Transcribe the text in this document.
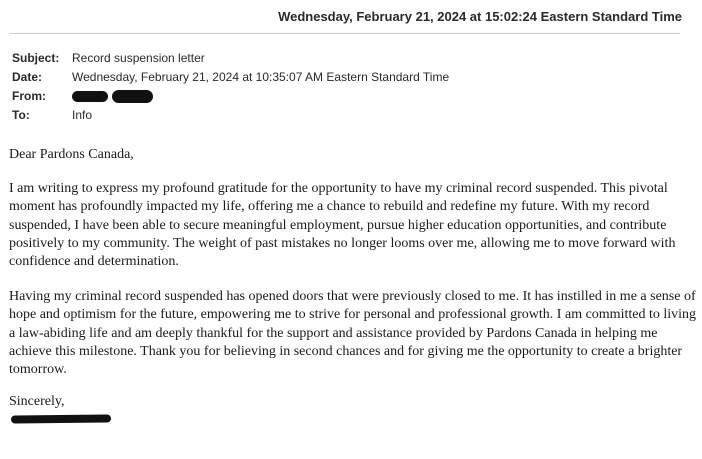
Wednesday, February 21, 2024 at 15:02:24 Eastern Standard Time
Subject:	Record suspension letter
Date:	Wednesday, February 21, 2024 at 10:35:07 AM Eastern Standard Time
From:
To:	Info

Dear Pardons Canada,

I am writing to express my profound gratitude for the opportunity to have my criminal record suspended. This pivotal moment has profoundly impacted my life, offering me a chance to rebuild and redefine my future. With my record suspended, I have been able to secure meaningful employment, pursue higher education opportunities, and contribute positively to my community. The weight of past mistakes no longer looms over me, allowing me to move forward with confidence and determination.

Having my criminal record suspended has opened doors that were previously closed to me. It has instilled in me a sense of hope and optimism for the future, empowering me to strive for personal and professional growth. I am committed to living a law-abiding life and am deeply thankful for the support and assistance provided by Pardons Canada in helping me achieve this milestone. Thank you for believing in second chances and for giving me the opportunity to create a brighter tomorrow.

Sincerely,
